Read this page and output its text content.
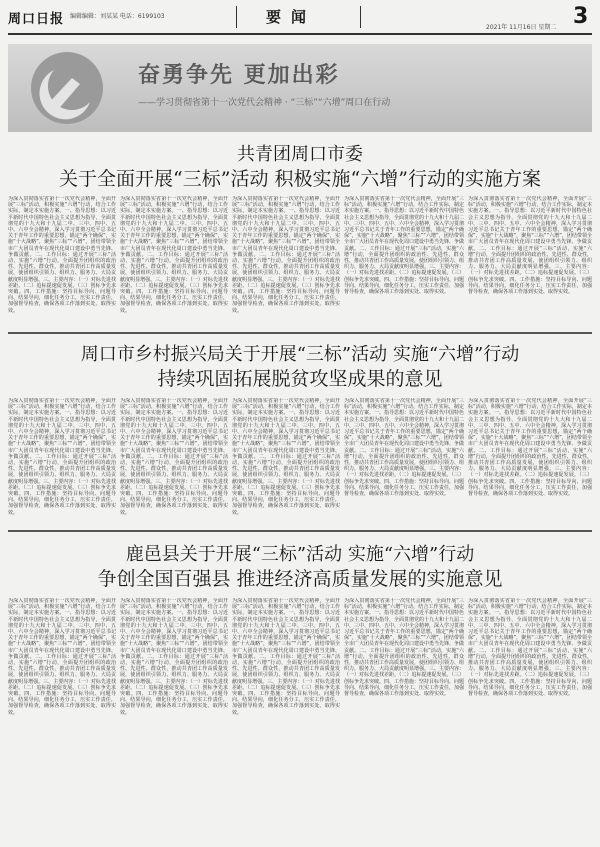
周口日报 编辑编辑：刘某某 电话：6199103	要闻
2021年 11月16日 星期二 3
奋勇争先 更加出彩
——学习贯彻省第十一次党代会精神 · “三标”“六增”周口在行动
共青团周口市委
关于全面开展“三标”活动 积极实施“六增”行动的实施方案
为深入贯彻落实省第十一次党代会精神，全面开展“三标”活动，积极实施“六增”行动，结合工作实际，制定本实施方案。一、指导思想：以习近平新时代中国特色社会主义思想为指导，全面贯彻党的十九大和十九届二中、三中、四中、五中、六中全会精神，深入学习贯彻习近平总书记关于青年工作的重要思想，锚定“两个确保”，实施“十大战略”，聚焦“三标”“六增”，团结带领全市广大团员青年在现代化周口建设中勇当先锋、争做贡献。二、工作目标：通过开展“三标”活动，实施“六增”行动，全面提升团组织的政治性、先进性、群众性，推动共青团工作高质量发展，使团组织引领力、组织力、服务力、大局贡献度明显增强。三、主要内容：（一）对标先进找差距。（二）追标提速促发展。（三）创标争先求突破。四、工作措施：坚持目标导向、问题导向、结果导向，细化任务分工，压实工作责任，加强督导检查，确保各项工作落到实处、取得实效。
为深入贯彻落实省第十一次党代会精神，全面开展“三标”活动，积极实施“六增”行动，结合工作实际，制定本实施方案。一、指导思想：以习近平新时代中国特色社会主义思想为指导，全面贯彻党的十九大和十九届二中、三中、四中、五中、六中全会精神，深入学习贯彻习近平总书记关于青年工作的重要思想，锚定“两个确保”，实施“十大战略”，聚焦“三标”“六增”，团结带领全市广大团员青年在现代化周口建设中勇当先锋、争做贡献。二、工作目标：通过开展“三标”活动，实施“六增”行动，全面提升团组织的政治性、先进性、群众性，推动共青团工作高质量发展，使团组织引领力、组织力、服务力、大局贡献度明显增强。三、主要内容：（一）对标先进找差距。（二）追标提速促发展。（三）创标争先求突破。四、工作措施：坚持目标导向、问题导向、结果导向，细化任务分工，压实工作责任，加强督导检查，确保各项工作落到实处、取得实效。
为深入贯彻落实省第十一次党代会精神，全面开展“三标”活动，积极实施“六增”行动，结合工作实际，制定本实施方案。一、指导思想：以习近平新时代中国特色社会主义思想为指导，全面贯彻党的十九大和十九届二中、三中、四中、五中、六中全会精神，深入学习贯彻习近平总书记关于青年工作的重要思想，锚定“两个确保”，实施“十大战略”，聚焦“三标”“六增”，团结带领全市广大团员青年在现代化周口建设中勇当先锋、争做贡献。二、工作目标：通过开展“三标”活动，实施“六增”行动，全面提升团组织的政治性、先进性、群众性，推动共青团工作高质量发展，使团组织引领力、组织力、服务力、大局贡献度明显增强。三、主要内容：（一）对标先进找差距。（二）追标提速促发展。（三）创标争先求突破。四、工作措施：坚持目标导向、问题导向、结果导向，细化任务分工，压实工作责任，加强督导检查，确保各项工作落到实处、取得实效。
为深入贯彻落实省第十一次党代会精神，全面开展“三标”活动，积极实施“六增”行动，结合工作实际，制定本实施方案。一、指导思想：以习近平新时代中国特色社会主义思想为指导，全面贯彻党的十九大和十九届二中、三中、四中、五中、六中全会精神，深入学习贯彻习近平总书记关于青年工作的重要思想，锚定“两个确保”，实施“十大战略”，聚焦“三标”“六增”，团结带领全市广大团员青年在现代化周口建设中勇当先锋、争做贡献。二、工作目标：通过开展“三标”活动，实施“六增”行动，全面提升团组织的政治性、先进性、群众性，推动共青团工作高质量发展，使团组织引领力、组织力、服务力、大局贡献度明显增强。三、主要内容：（一）对标先进找差距。（二）追标提速促发展。（三）创标争先求突破。四、工作措施：坚持目标导向、问题导向、结果导向，细化任务分工，压实工作责任，加强督导检查，确保各项工作落到实处、取得实效。
为深入贯彻落实省第十一次党代会精神，全面开展“三标”活动，积极实施“六增”行动，结合工作实际，制定本实施方案。一、指导思想：以习近平新时代中国特色社会主义思想为指导，全面贯彻党的十九大和十九届二中、三中、四中、五中、六中全会精神，深入学习贯彻习近平总书记关于青年工作的重要思想，锚定“两个确保”，实施“十大战略”，聚焦“三标”“六增”，团结带领全市广大团员青年在现代化周口建设中勇当先锋、争做贡献。二、工作目标：通过开展“三标”活动，实施“六增”行动，全面提升团组织的政治性、先进性、群众性，推动共青团工作高质量发展，使团组织引领力、组织力、服务力、大局贡献度明显增强。三、主要内容：（一）对标先进找差距。（二）追标提速促发展。（三）创标争先求突破。四、工作措施：坚持目标导向、问题导向、结果导向，细化任务分工，压实工作责任，加强督导检查，确保各项工作落到实处、取得实效。
周口市乡村振兴局关于开展“三标”活动 实施“六增”行动
持续巩固拓展脱贫攻坚成果的意见
为深入贯彻落实省第十一次党代会精神，全面开展“三标”活动，积极实施“六增”行动，结合工作实际，制定本实施方案。一、指导思想：以习近平新时代中国特色社会主义思想为指导，全面贯彻党的十九大和十九届二中、三中、四中、五中、六中全会精神，深入学习贯彻习近平总书记关于青年工作的重要思想，锚定“两个确保”，实施“十大战略”，聚焦“三标”“六增”，团结带领全市广大团员青年在现代化周口建设中勇当先锋、争做贡献。二、工作目标：通过开展“三标”活动，实施“六增”行动，全面提升团组织的政治性、先进性、群众性，推动共青团工作高质量发展，使团组织引领力、组织力、服务力、大局贡献度明显增强。三、主要内容：（一）对标先进找差距。（二）追标提速促发展。（三）创标争先求突破。四、工作措施：坚持目标导向、问题导向、结果导向，细化任务分工，压实工作责任，加强督导检查，确保各项工作落到实处、取得实效。
为深入贯彻落实省第十一次党代会精神，全面开展“三标”活动，积极实施“六增”行动，结合工作实际，制定本实施方案。一、指导思想：以习近平新时代中国特色社会主义思想为指导，全面贯彻党的十九大和十九届二中、三中、四中、五中、六中全会精神，深入学习贯彻习近平总书记关于青年工作的重要思想，锚定“两个确保”，实施“十大战略”，聚焦“三标”“六增”，团结带领全市广大团员青年在现代化周口建设中勇当先锋、争做贡献。二、工作目标：通过开展“三标”活动，实施“六增”行动，全面提升团组织的政治性、先进性、群众性，推动共青团工作高质量发展，使团组织引领力、组织力、服务力、大局贡献度明显增强。三、主要内容：（一）对标先进找差距。（二）追标提速促发展。（三）创标争先求突破。四、工作措施：坚持目标导向、问题导向、结果导向，细化任务分工，压实工作责任，加强督导检查，确保各项工作落到实处、取得实效。
为深入贯彻落实省第十一次党代会精神，全面开展“三标”活动，积极实施“六增”行动，结合工作实际，制定本实施方案。一、指导思想：以习近平新时代中国特色社会主义思想为指导，全面贯彻党的十九大和十九届二中、三中、四中、五中、六中全会精神，深入学习贯彻习近平总书记关于青年工作的重要思想，锚定“两个确保”，实施“十大战略”，聚焦“三标”“六增”，团结带领全市广大团员青年在现代化周口建设中勇当先锋、争做贡献。二、工作目标：通过开展“三标”活动，实施“六增”行动，全面提升团组织的政治性、先进性、群众性，推动共青团工作高质量发展，使团组织引领力、组织力、服务力、大局贡献度明显增强。三、主要内容：（一）对标先进找差距。（二）追标提速促发展。（三）创标争先求突破。四、工作措施：坚持目标导向、问题导向、结果导向，细化任务分工，压实工作责任，加强督导检查，确保各项工作落到实处、取得实效。
为深入贯彻落实省第十一次党代会精神，全面开展“三标”活动，积极实施“六增”行动，结合工作实际，制定本实施方案。一、指导思想：以习近平新时代中国特色社会主义思想为指导，全面贯彻党的十九大和十九届二中、三中、四中、五中、六中全会精神，深入学习贯彻习近平总书记关于青年工作的重要思想，锚定“两个确保”，实施“十大战略”，聚焦“三标”“六增”，团结带领全市广大团员青年在现代化周口建设中勇当先锋、争做贡献。二、工作目标：通过开展“三标”活动，实施“六增”行动，全面提升团组织的政治性、先进性、群众性，推动共青团工作高质量发展，使团组织引领力、组织力、服务力、大局贡献度明显增强。三、主要内容：（一）对标先进找差距。（二）追标提速促发展。（三）创标争先求突破。四、工作措施：坚持目标导向、问题导向、结果导向，细化任务分工，压实工作责任，加强督导检查，确保各项工作落到实处、取得实效。
为深入贯彻落实省第十一次党代会精神，全面开展“三标”活动，积极实施“六增”行动，结合工作实际，制定本实施方案。一、指导思想：以习近平新时代中国特色社会主义思想为指导，全面贯彻党的十九大和十九届二中、三中、四中、五中、六中全会精神，深入学习贯彻习近平总书记关于青年工作的重要思想，锚定“两个确保”，实施“十大战略”，聚焦“三标”“六增”，团结带领全市广大团员青年在现代化周口建设中勇当先锋、争做贡献。二、工作目标：通过开展“三标”活动，实施“六增”行动，全面提升团组织的政治性、先进性、群众性，推动共青团工作高质量发展，使团组织引领力、组织力、服务力、大局贡献度明显增强。三、主要内容：（一）对标先进找差距。（二）追标提速促发展。（三）创标争先求突破。四、工作措施：坚持目标导向、问题导向、结果导向，细化任务分工，压实工作责任，加强督导检查，确保各项工作落到实处、取得实效。
鹿邑县关于开展“三标”活动 实施“六增”行动
争创全国百强县 推进经济高质量发展的实施意见
为深入贯彻落实省第十一次党代会精神，全面开展“三标”活动，积极实施“六增”行动，结合工作实际，制定本实施方案。一、指导思想：以习近平新时代中国特色社会主义思想为指导，全面贯彻党的十九大和十九届二中、三中、四中、五中、六中全会精神，深入学习贯彻习近平总书记关于青年工作的重要思想，锚定“两个确保”，实施“十大战略”，聚焦“三标”“六增”，团结带领全市广大团员青年在现代化周口建设中勇当先锋、争做贡献。二、工作目标：通过开展“三标”活动，实施“六增”行动，全面提升团组织的政治性、先进性、群众性，推动共青团工作高质量发展，使团组织引领力、组织力、服务力、大局贡献度明显增强。三、主要内容：（一）对标先进找差距。（二）追标提速促发展。（三）创标争先求突破。四、工作措施：坚持目标导向、问题导向、结果导向，细化任务分工，压实工作责任，加强督导检查，确保各项工作落到实处、取得实效。
为深入贯彻落实省第十一次党代会精神，全面开展“三标”活动，积极实施“六增”行动，结合工作实际，制定本实施方案。一、指导思想：以习近平新时代中国特色社会主义思想为指导，全面贯彻党的十九大和十九届二中、三中、四中、五中、六中全会精神，深入学习贯彻习近平总书记关于青年工作的重要思想，锚定“两个确保”，实施“十大战略”，聚焦“三标”“六增”，团结带领全市广大团员青年在现代化周口建设中勇当先锋、争做贡献。二、工作目标：通过开展“三标”活动，实施“六增”行动，全面提升团组织的政治性、先进性、群众性，推动共青团工作高质量发展，使团组织引领力、组织力、服务力、大局贡献度明显增强。三、主要内容：（一）对标先进找差距。（二）追标提速促发展。（三）创标争先求突破。四、工作措施：坚持目标导向、问题导向、结果导向，细化任务分工，压实工作责任，加强督导检查，确保各项工作落到实处、取得实效。
为深入贯彻落实省第十一次党代会精神，全面开展“三标”活动，积极实施“六增”行动，结合工作实际，制定本实施方案。一、指导思想：以习近平新时代中国特色社会主义思想为指导，全面贯彻党的十九大和十九届二中、三中、四中、五中、六中全会精神，深入学习贯彻习近平总书记关于青年工作的重要思想，锚定“两个确保”，实施“十大战略”，聚焦“三标”“六增”，团结带领全市广大团员青年在现代化周口建设中勇当先锋、争做贡献。二、工作目标：通过开展“三标”活动，实施“六增”行动，全面提升团组织的政治性、先进性、群众性，推动共青团工作高质量发展，使团组织引领力、组织力、服务力、大局贡献度明显增强。三、主要内容：（一）对标先进找差距。（二）追标提速促发展。（三）创标争先求突破。四、工作措施：坚持目标导向、问题导向、结果导向，细化任务分工，压实工作责任，加强督导检查，确保各项工作落到实处、取得实效。
为深入贯彻落实省第十一次党代会精神，全面开展“三标”活动，积极实施“六增”行动，结合工作实际，制定本实施方案。一、指导思想：以习近平新时代中国特色社会主义思想为指导，全面贯彻党的十九大和十九届二中、三中、四中、五中、六中全会精神，深入学习贯彻习近平总书记关于青年工作的重要思想，锚定“两个确保”，实施“十大战略”，聚焦“三标”“六增”，团结带领全市广大团员青年在现代化周口建设中勇当先锋、争做贡献。二、工作目标：通过开展“三标”活动，实施“六增”行动，全面提升团组织的政治性、先进性、群众性，推动共青团工作高质量发展，使团组织引领力、组织力、服务力、大局贡献度明显增强。三、主要内容：（一）对标先进找差距。（二）追标提速促发展。（三）创标争先求突破。四、工作措施：坚持目标导向、问题导向、结果导向，细化任务分工，压实工作责任，加强督导检查，确保各项工作落到实处、取得实效。
为深入贯彻落实省第十一次党代会精神，全面开展“三标”活动，积极实施“六增”行动，结合工作实际，制定本实施方案。一、指导思想：以习近平新时代中国特色社会主义思想为指导，全面贯彻党的十九大和十九届二中、三中、四中、五中、六中全会精神，深入学习贯彻习近平总书记关于青年工作的重要思想，锚定“两个确保”，实施“十大战略”，聚焦“三标”“六增”，团结带领全市广大团员青年在现代化周口建设中勇当先锋、争做贡献。二、工作目标：通过开展“三标”活动，实施“六增”行动，全面提升团组织的政治性、先进性、群众性，推动共青团工作高质量发展，使团组织引领力、组织力、服务力、大局贡献度明显增强。三、主要内容：（一）对标先进找差距。（二）追标提速促发展。（三）创标争先求突破。四、工作措施：坚持目标导向、问题导向、结果导向，细化任务分工，压实工作责任，加强督导检查，确保各项工作落到实处、取得实效。
